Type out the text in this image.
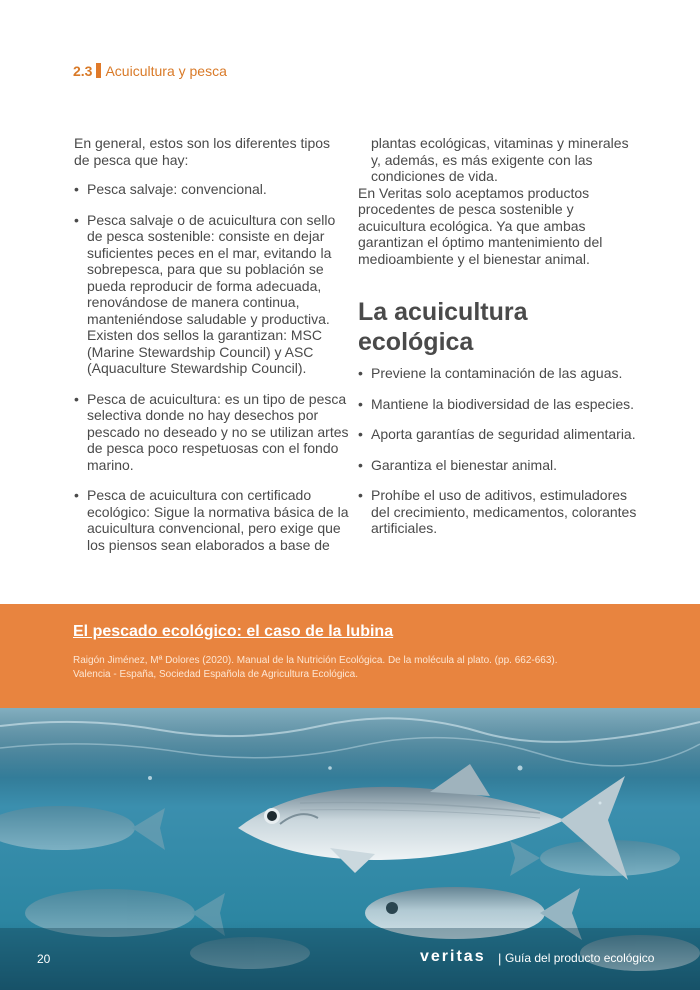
2.3 Acuicultura y pesca

En general, estos son los diferentes tipos de pesca que hay:

• Pesca salvaje: convencional.
• Pesca salvaje o de acuicultura con sello de pesca sostenible: consiste en dejar suficientes peces en el mar, evitando la sobrepesca, para que su población se pueda reproducir de forma adecuada, renovándose de manera continua, manteniéndose saludable y productiva. Existen dos sellos la garantizan: MSC (Marine Stewardship Council) y ASC (Aquaculture Stewardship Council).
• Pesca de acuicultura: es un tipo de pesca selectiva donde no hay desechos por pescado no deseado y no se utilizan artes de pesca poco respetuosas con el fondo marino.
• Pesca de acuicultura con certificado ecológico: Sigue la normativa básica de la acuicultura convencional, pero exige que los piensos sean elaborados a base de

plantas ecológicas, vitaminas y minerales y, además, es más exigente con las condiciones de vida.

En Veritas solo aceptamos productos procedentes de pesca sostenible y acuicultura ecológica. Ya que ambas garantizan el óptimo mantenimiento del medioambiente y el bienestar animal.

La acuicultura ecológica
• Previene la contaminación de las aguas.
• Mantiene la biodiversidad de las especies.
• Aporta garantías de seguridad alimentaria.
• Garantiza el bienestar animal.
• Prohíbe el uso de aditivos, estimuladores del crecimiento, medicamentos, colorantes artificiales.
El pescado ecológico: el caso de la lubina
Raigón Jiménez, Mª Dolores (2020). Manual de la Nutrición Ecológica. De la molécula al plato. (pp. 662-663). Valencia - España, Sociedad Española de Agricultura Ecológica.
20	veritas | Guía del producto ecológico
